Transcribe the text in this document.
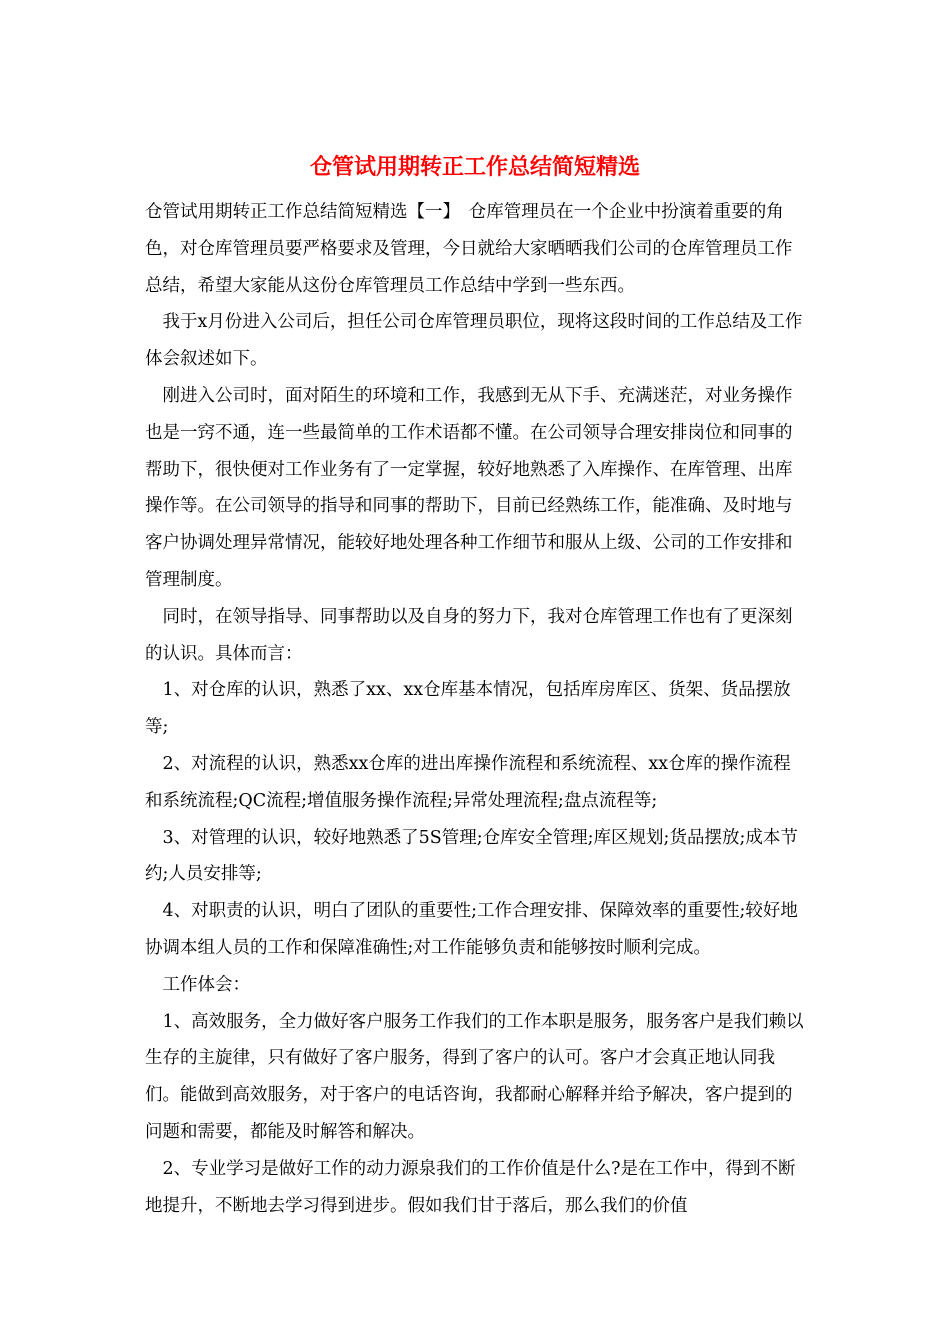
仓管试用期转正工作总结简短精选

仓管试用期转正工作总结简短精选【一】　仓库管理员在一个企业中扮演着重要的角色，对仓库管理员要严格要求及管理，今日就给大家晒晒我们公司的仓库管理员工作总结，希望大家能从这份仓库管理员工作总结中学到一些东西。

我于x月份进入公司后，担任公司仓库管理员职位，现将这段时间的工作总结及工作体会叙述如下。

刚进入公司时，面对陌生的环境和工作，我感到无从下手、充满迷茫，对业务操作也是一窍不通，连一些最简单的工作术语都不懂。在公司领导合理安排岗位和同事的帮助下，很快便对工作业务有了一定掌握，较好地熟悉了入库操作、在库管理、出库操作等。在公司领导的指导和同事的帮助下，目前已经熟练工作，能准确、及时地与客户协调处理异常情况，能较好地处理各种工作细节和服从上级、公司的工作安排和管理制度。

同时，在领导指导、同事帮助以及自身的努力下，我对仓库管理工作也有了更深刻的认识。具体而言：

1、对仓库的认识，熟悉了xx、xx仓库基本情况，包括库房库区、货架、货品摆放等;

2、对流程的认识，熟悉xx仓库的进出库操作流程和系统流程、xx仓库的操作流程和系统流程;QC流程;增值服务操作流程;异常处理流程;盘点流程等;

3、对管理的认识，较好地熟悉了5S管理;仓库安全管理;库区规划;货品摆放;成本节约;人员安排等;

4、对职责的认识，明白了团队的重要性;工作合理安排、保障效率的重要性;较好地协调本组人员的工作和保障准确性;对工作能够负责和能够按时顺利完成。

工作体会：

1、高效服务，全力做好客户服务工作我们的工作本职是服务，服务客户是我们赖以生存的主旋律，只有做好了客户服务，得到了客户的认可。客户才会真正地认同我们。能做到高效服务，对于客户的电话咨询，我都耐心解释并给予解决，客户提到的问题和需要，都能及时解答和解决。

2、专业学习是做好工作的动力源泉我们的工作价值是什么?是在工作中，得到不断地提升，不断地去学习得到进步。假如我们甘于落后，那么我们的价值
